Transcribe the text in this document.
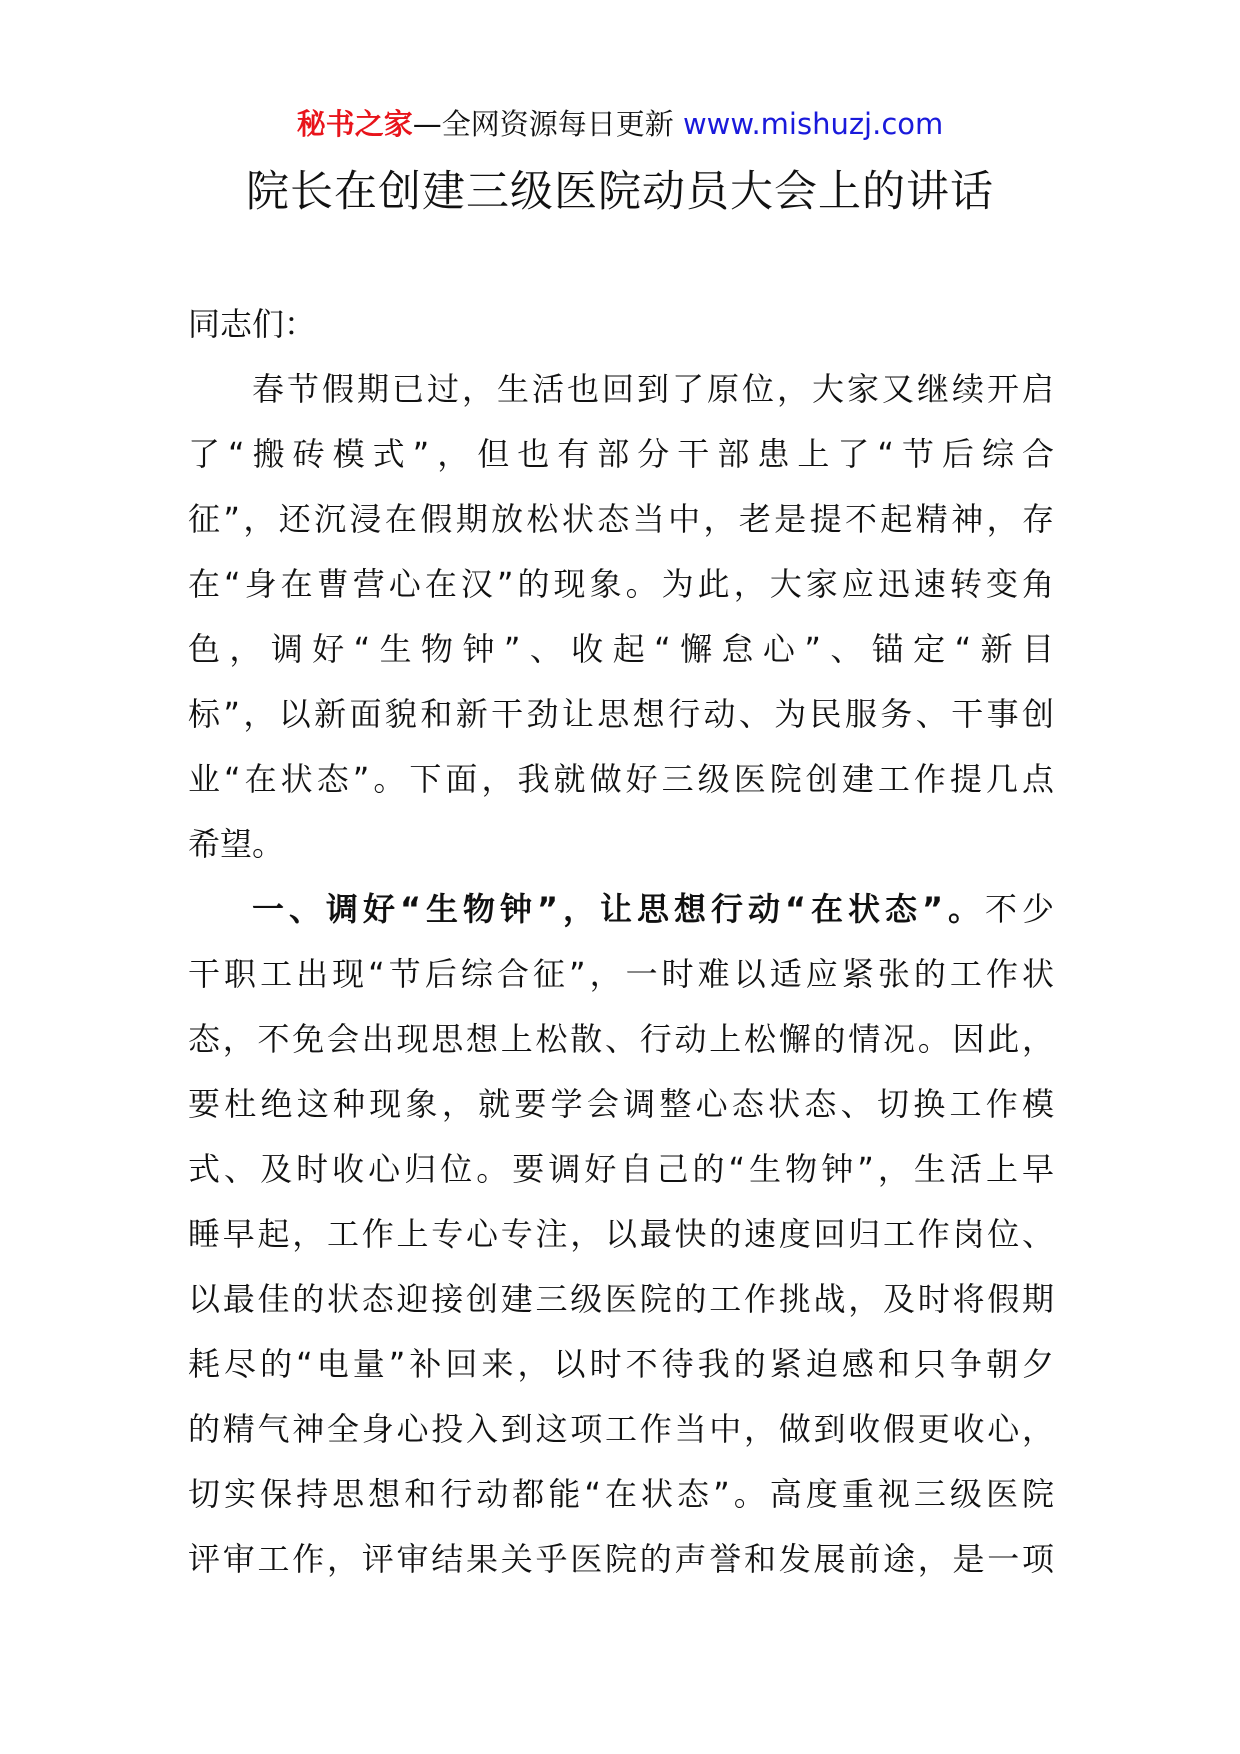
秘书之家—全网资源每日更新 www.mishuzj.com
院长在创建三级医院动员大会上的讲话
同志们：
春节假期已过，生活也回到了原位，大家又继续开启
了“搬砖模式”，但也有部分干部患上了“节后综合
征”，还沉浸在假期放松状态当中，老是提不起精神，存
在“身在曹营心在汉”的现象。为此，大家应迅速转变角
色，调好“生物钟”、收起“懈怠心”、锚定“新目
标”，以新面貌和新干劲让思想行动、为民服务、干事创
业“在状态”。下面，我就做好三级医院创建工作提几点
希望。
一、调好“生物钟”，让思想行动“在状态”。不少
干职工出现“节后综合征”，一时难以适应紧张的工作状
态，不免会出现思想上松散、行动上松懈的情况。因此，
要杜绝这种现象，就要学会调整心态状态、切换工作模
式、及时收心归位。要调好自己的“生物钟”，生活上早
睡早起，工作上专心专注，以最快的速度回归工作岗位、
以最佳的状态迎接创建三级医院的工作挑战，及时将假期
耗尽的“电量”补回来，以时不待我的紧迫感和只争朝夕
的精气神全身心投入到这项工作当中，做到收假更收心，
切实保持思想和行动都能“在状态”。高度重视三级医院
评审工作，评审结果关乎医院的声誉和发展前途，是一项
